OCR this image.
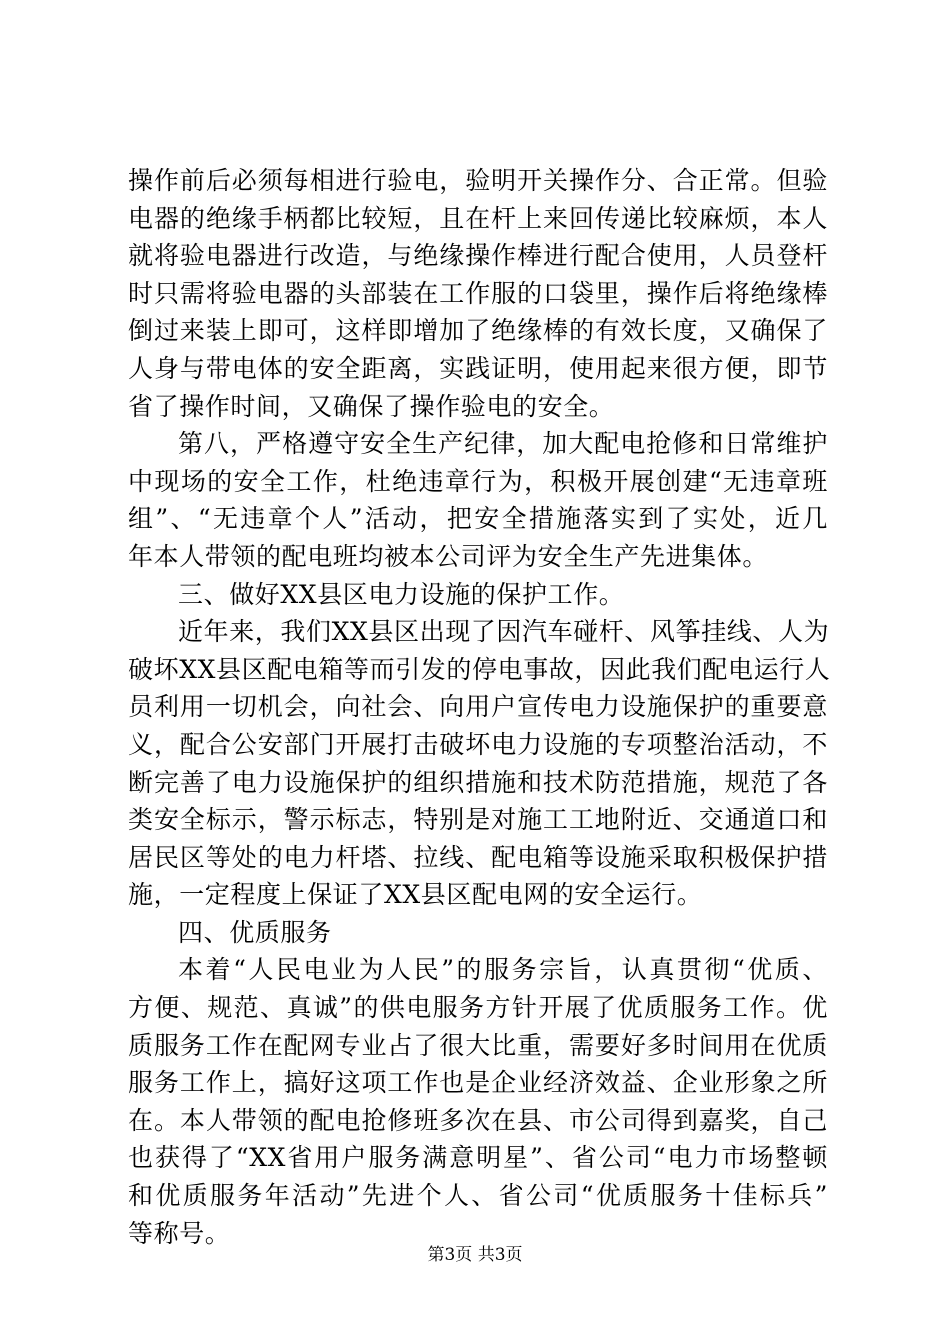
操作前后必须每相进行验电，验明开关操作分、合正常。但验
电器的绝缘手柄都比较短，且在杆上来回传递比较麻烦，本人
就将验电器进行改造，与绝缘操作棒进行配合使用，人员登杆
时只需将验电器的头部装在工作服的口袋里，操作后将绝缘棒
倒过来装上即可，这样即增加了绝缘棒的有效长度，又确保了
人身与带电体的安全距离，实践证明，使用起来很方便，即节
省了操作时间，又确保了操作验电的安全。
第八，严格遵守安全生产纪律，加大配电抢修和日常维护
中现场的安全工作，杜绝违章行为，积极开展创建“无违章班
组”、“无违章个人”活动，把安全措施落实到了实处，近几
年本人带领的配电班均被本公司评为安全生产先进集体。
三、做好XX县区电力设施的保护工作。
近年来，我们XX县区出现了因汽车碰杆、风筝挂线、人为
破坏XX县区配电箱等而引发的停电事故，因此我们配电运行人
员利用一切机会，向社会、向用户宣传电力设施保护的重要意
义，配合公安部门开展打击破坏电力设施的专项整治活动，不
断完善了电力设施保护的组织措施和技术防范措施，规范了各
类安全标示，警示标志，特别是对施工工地附近、交通道口和
居民区等处的电力杆塔、拉线、配电箱等设施采取积极保护措
施，一定程度上保证了XX县区配电网的安全运行。
四、优质服务
本着“人民电业为人民”的服务宗旨，认真贯彻“优质、
方便、规范、真诚”的供电服务方针开展了优质服务工作。优
质服务工作在配网专业占了很大比重，需要好多时间用在优质
服务工作上，搞好这项工作也是企业经济效益、企业形象之所
在。本人带领的配电抢修班多次在县、市公司得到嘉奖，自己
也获得了“XX省用户服务满意明星”、省公司“电力市场整顿
和优质服务年活动”先进个人、省公司“优质服务十佳标兵”
等称号。
第3页 共3页
